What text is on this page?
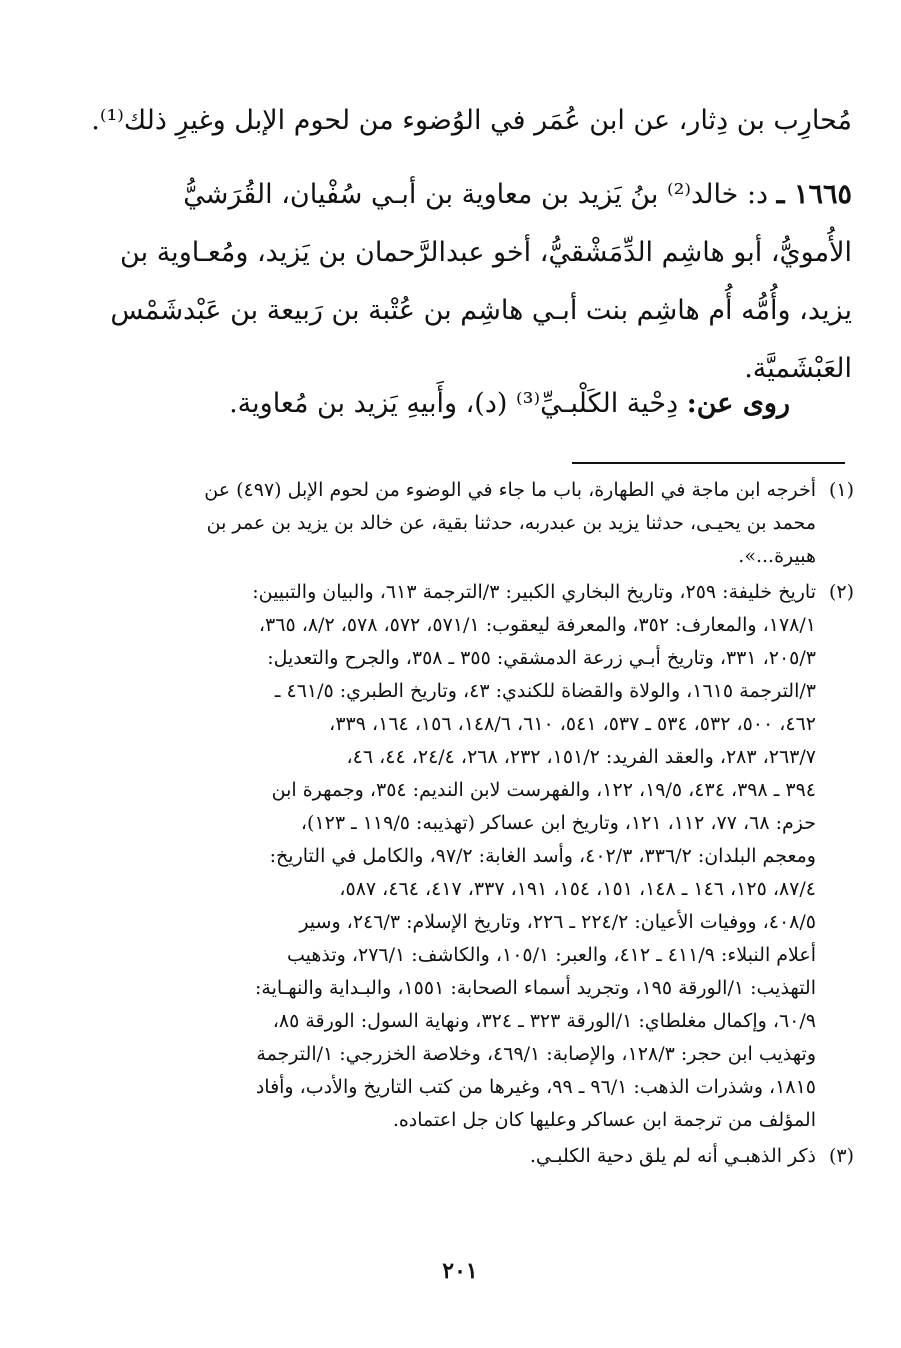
مُحارِب بن دِثار، عن ابن عُمَر في الوُضوء من لحوم الإبل وغيرِ ذلك⁽¹⁾.
١٦٦٥ ـ د: خالد⁽²⁾ بنُ يَزيد بن معاوية بن أبـي سُفْيان، القُرَشيُّ
الأُمويُّ، أبو هاشِم الدِّمَشْقيُّ، أخو عبدالرَّحمان بن يَزيد، ومُعـاوية بن
يزيد، وأُمُّه أُم هاشِم بنت أبـي هاشِم بن عُتْبة بن رَبيعة بن عَبْدشَمْس
العَبْشَميَّة.
روى عن: دِحْية الكَلْبـيِّ⁽³⁾ (د)، وأَبيهِ يَزيد بن مُعاوية.
(١)
أخرجه ابن ماجة في الطهارة، باب ما جاء في الوضوء من لحوم الإبل (٤٩٧) عن
محمد بن يحيـى، حدثنا يزيد بن عبدربه، حدثنا بقية، عن خالد بن يزيد بن عمر بن
هبيرة...».
(٢)
تاريخ خليفة: ٢٥٩، وتاريخ البخاري الكبير: ٣/الترجمة ٦١٣، والبيان والتبيين:
١٧٨/١، والمعارف: ٣٥٢، والمعرفة ليعقوب: ٥٧١/١، ٥٧٢، ٥٧٨، ٨/٢، ٣٦٥،
٢٠٥/٣، ٣٣١، وتاريخ أبـي زرعة الدمشقي: ٣٥٥ ـ ٣٥٨، والجرح والتعديل:
٣/الترجمة ١٦١٥، والولاة والقضاة للكندي: ٤٣، وتاريخ الطبري: ٤٦١/٥ ـ
٤٦٢، ٥٠٠، ٥٣٢، ٥٣٤ ـ ٥٣٧، ٥٤١، ٦١٠، ١٤٨/٦، ١٥٦، ١٦٤، ٣٣٩،
٢٦٣/٧، ٢٨٣، والعقد الفريد: ١٥١/٢، ٢٣٢، ٢٦٨، ٢٤/٤، ٤٤، ٤٦،
٣٩٤ ـ ٣٩٨، ٤٣٤، ١٩/٥، ١٢٢، والفهرست لابن النديم: ٣٥٤، وجمهرة ابن
حزم: ٦٨، ٧٧، ١١٢، ١٢١، وتاريخ ابن عساكر (تهذيبه: ١١٩/٥ ـ ١٢٣)،
ومعجم البلدان: ٣٣٦/٢، ٤٠٢/٣، وأسد الغابة: ٩٧/٢، والكامل في التاريخ:
٨٧/٤، ١٢٥، ١٤٦ ـ ١٤٨، ١٥١، ١٥٤، ١٩١، ٣٣٧، ٤١٧، ٤٦٤، ٥٨٧،
٤٠٨/٥، ووفيات الأعيان: ٢٢٤/٢ ـ ٢٢٦، وتاريخ الإسلام: ٢٤٦/٣، وسير
أعلام النبلاء: ٤١١/٩ ـ ٤١٢، والعبر: ١٠٥/١، والكاشف: ٢٧٦/١، وتذهيب
التهذيب: ١/الورقة ١٩٥، وتجريد أسماء الصحابة: ١٥٥١، والبـداية والنهـاية:
٦٠/٩، وإكمال مغلطاي: ١/الورقة ٣٢٣ ـ ٣٢٤، ونهاية السول: الورقة ٨٥،
وتهذيب ابن حجر: ١٢٨/٣، والإصابة: ٤٦٩/١، وخلاصة الخزرجي: ١/الترجمة
١٨١٥، وشذرات الذهب: ٩٦/١ ـ ٩٩، وغيرها من كتب التاريخ والأدب، وأفاد
المؤلف من ترجمة ابن عساكر وعليها كان جل اعتماده.
(٣)
ذكر الذهبـي أنه لم يلق دحية الكلبـي.
٢٠١
